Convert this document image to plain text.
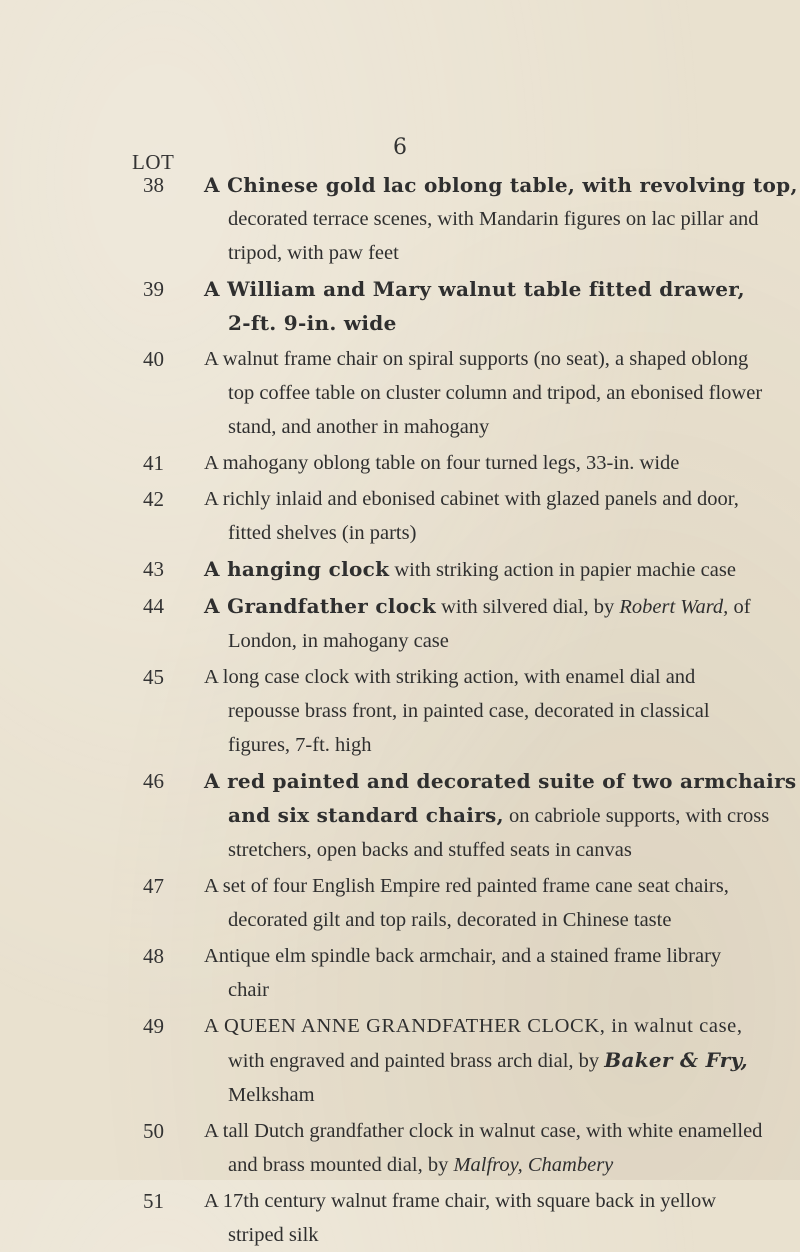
6
LOT
38	A Chinese gold lac oblong table, with revolving top,
decorated terrace scenes, with Mandarin figures on lac pillar and
tripod, with paw feet
39	A William and Mary walnut table fitted drawer,
2-ft. 9-in. wide
40	A walnut frame chair on spiral supports (no seat), a shaped oblong
top coffee table on cluster column and tripod, an ebonised flower
stand, and another in mahogany
41	A mahogany oblong table on four turned legs, 33-in. wide
42	A richly inlaid and ebonised cabinet with glazed panels and door,
fitted shelves (in parts)
43	A hanging clock with striking action in papier machie case
44	A Grandfather clock with silvered dial, by Robert Ward, of
London, in mahogany case
45	A long case clock with striking action, with enamel dial and
repousse brass front, in painted case, decorated in classical
figures, 7-ft. high
46	A red painted and decorated suite of two armchairs
and six standard chairs, on cabriole supports, with cross
stretchers, open backs and stuffed seats in canvas
47	A set of four English Empire red painted frame cane seat chairs,
decorated gilt and top rails, decorated in Chinese taste
48	Antique elm spindle back armchair, and a stained frame library
chair
49	A QUEEN ANNE GRANDFATHER CLOCK, in walnut case,
with engraved and painted brass arch dial, by Baker & Fry,
Melksham
50	A tall Dutch grandfather clock in walnut case, with white enamelled
and brass mounted dial, by Malfroy, Chambery
51	A 17th century walnut frame chair, with square back in yellow
striped silk
